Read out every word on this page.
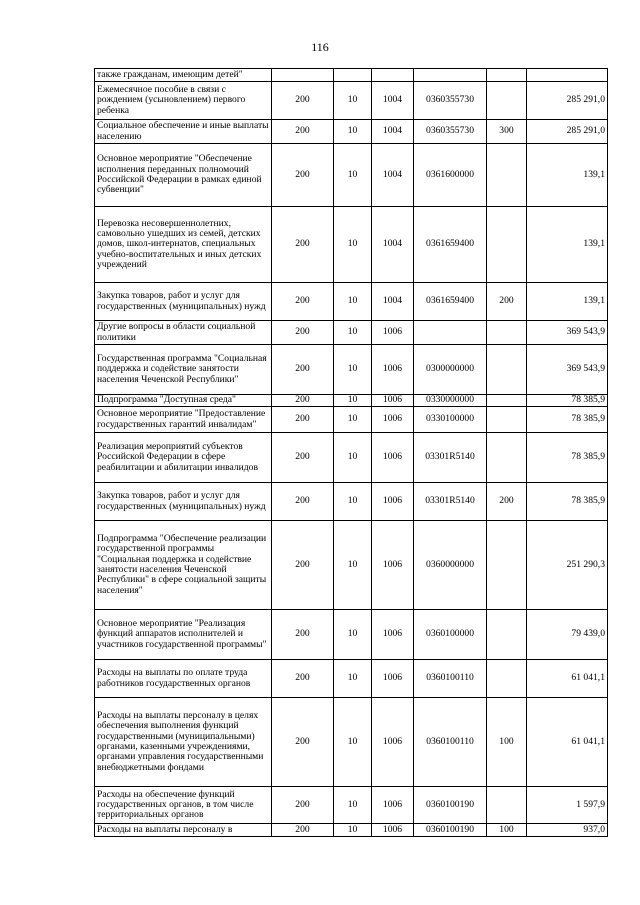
116
также гражданам, имеющим детей"						
Ежемесячное пособие в связи с рождением (усыновлением) первого ребенка	200	10	1004	0360355730		285 291,0
Социальное обеспечение и иные выплаты населению	200	10	1004	0360355730	300	285 291,0
Основное мероприятие "Обеспечение исполнения переданных полномочий Российской Федерации в рамках единой субвенции"	200	10	1004	0361600000		139,1
Перевозка несовершеннолетних, самовольно ушедших из семей, детских домов, школ-интернатов, специальных учебно-воспитательных и иных детских учреждений	200	10	1004	0361659400		139,1
Закупка товаров, работ и услуг для государственных (муниципальных) нужд	200	10	1004	0361659400	200	139,1
Другие вопросы в области социальной политики	200	10	1006			369 543,9
Государственная программа "Социальная поддержка и содействие занятости населения Чеченской Республики"	200	10	1006	0300000000		369 543,9
Подпрограмма "Доступная среда"	200	10	1006	0330000000		78 385,9
Основное мероприятие "Предоставление государственных гарантий инвалидам"	200	10	1006	0330100000		78 385,9
Реализация мероприятий субъектов Российской Федерации в сфере реабилитации и абилитации инвалидов	200	10	1006	03301R5140		78 385,9
Закупка товаров, работ и услуг для государственных (муниципальных) нужд	200	10	1006	03301R5140	200	78 385,9
Подпрограмма "Обеспечение реализации государственной программы "Социальная поддержка и содействие занятости населения Чеченской Республики" в сфере социальной защиты населения"	200	10	1006	0360000000		251 290,3
Основное мероприятие "Реализация функций аппаратов исполнителей и участников государственной программы"	200	10	1006	0360100000		79 439,0
Расходы на выплаты по оплате труда работников государственных органов	200	10	1006	0360100110		61 041,1
Расходы на выплаты персоналу в целях обеспечения выполнения функций государственными (муниципальными) органами, казенными учреждениями, органами управления государственными внебюджетными фондами	200	10	1006	0360100110	100	61 041,1
Расходы на обеспечение функций государственных органов, в том числе территориальных органов	200	10	1006	0360100190		1 597,9
Расходы на выплаты персоналу в	200	10	1006	0360100190	100	937,0
